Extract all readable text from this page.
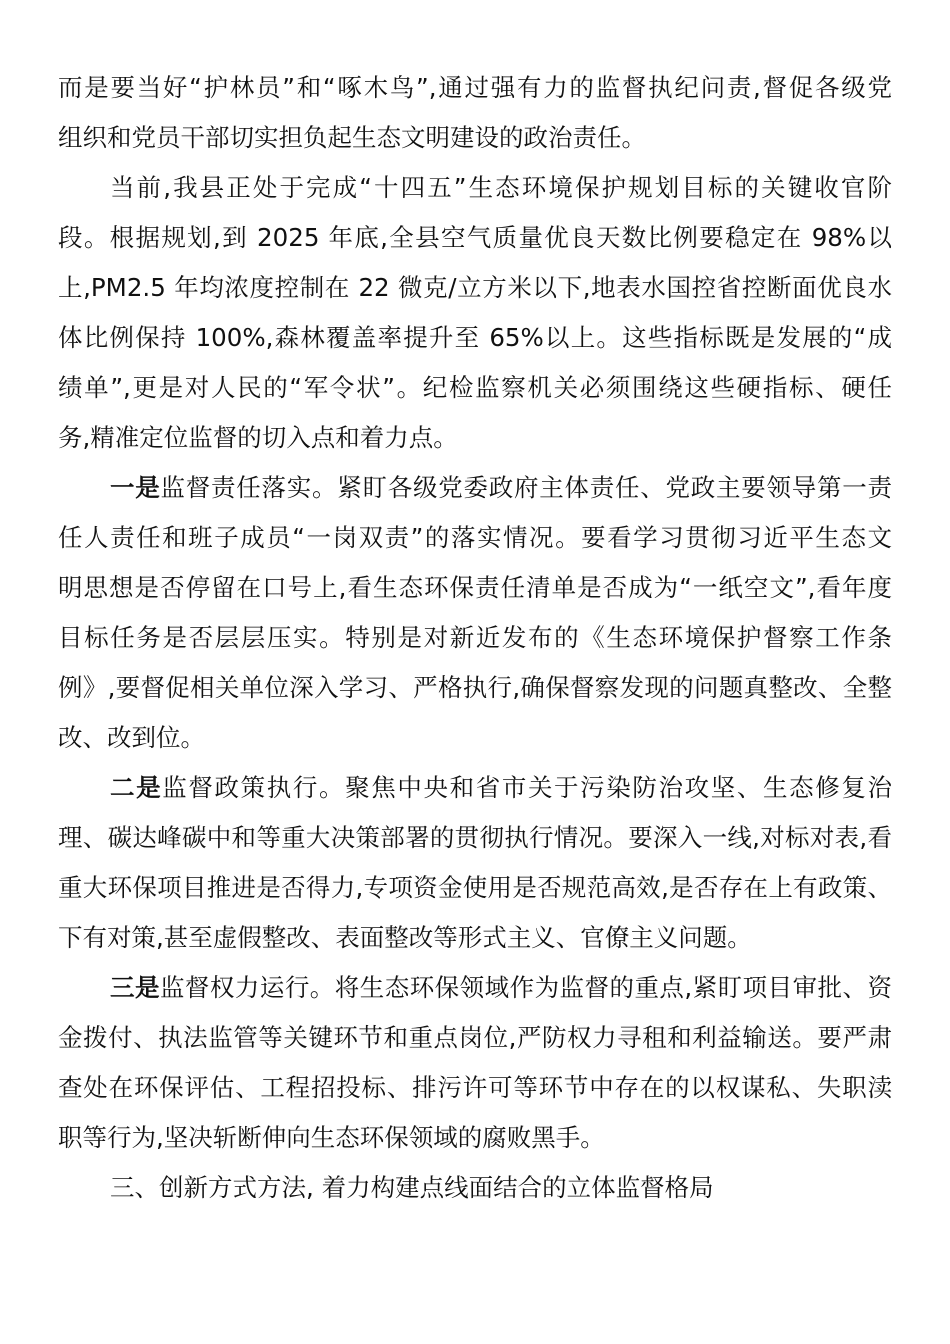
而是要当好“护林员”和“啄木鸟”,通过强有力的监督执纪问责,督促各级党
组织和党员干部切实担负起生态文明建设的政治责任。
当前,我县正处于完成“十四五”生态环境保护规划目标的关键收官阶
段。根据规划,到 2025 年底,全县空气质量优良天数比例要稳定在 98%以
上,PM2.5 年均浓度控制在 22 微克/立方米以下,地表水国控省控断面优良水
体比例保持 100%,森林覆盖率提升至 65%以上。这些指标既是发展的“成
绩单”,更是对人民的“军令状”。纪检监察机关必须围绕这些硬指标、硬任
务,精准定位监督的切入点和着力点。
一是监督责任落实。紧盯各级党委政府主体责任、党政主要领导第一责
任人责任和班子成员“一岗双责”的落实情况。要看学习贯彻习近平生态文
明思想是否停留在口号上,看生态环保责任清单是否成为“一纸空文”,看年度
目标任务是否层层压实。特别是对新近发布的《生态环境保护督察工作条
例》,要督促相关单位深入学习、严格执行,确保督察发现的问题真整改、全整
改、改到位。
二是监督政策执行。聚焦中央和省市关于污染防治攻坚、生态修复治
理、碳达峰碳中和等重大决策部署的贯彻执行情况。要深入一线,对标对表,看
重大环保项目推进是否得力,专项资金使用是否规范高效,是否存在上有政策、
下有对策,甚至虚假整改、表面整改等形式主义、官僚主义问题。
三是监督权力运行。将生态环保领域作为监督的重点,紧盯项目审批、资
金拨付、执法监管等关键环节和重点岗位,严防权力寻租和利益输送。要严肃
查处在环保评估、工程招投标、排污许可等环节中存在的以权谋私、失职渎
职等行为,坚决斩断伸向生态环保领域的腐败黑手。
三、创新方式方法, 着力构建点线面结合的立体监督格局
